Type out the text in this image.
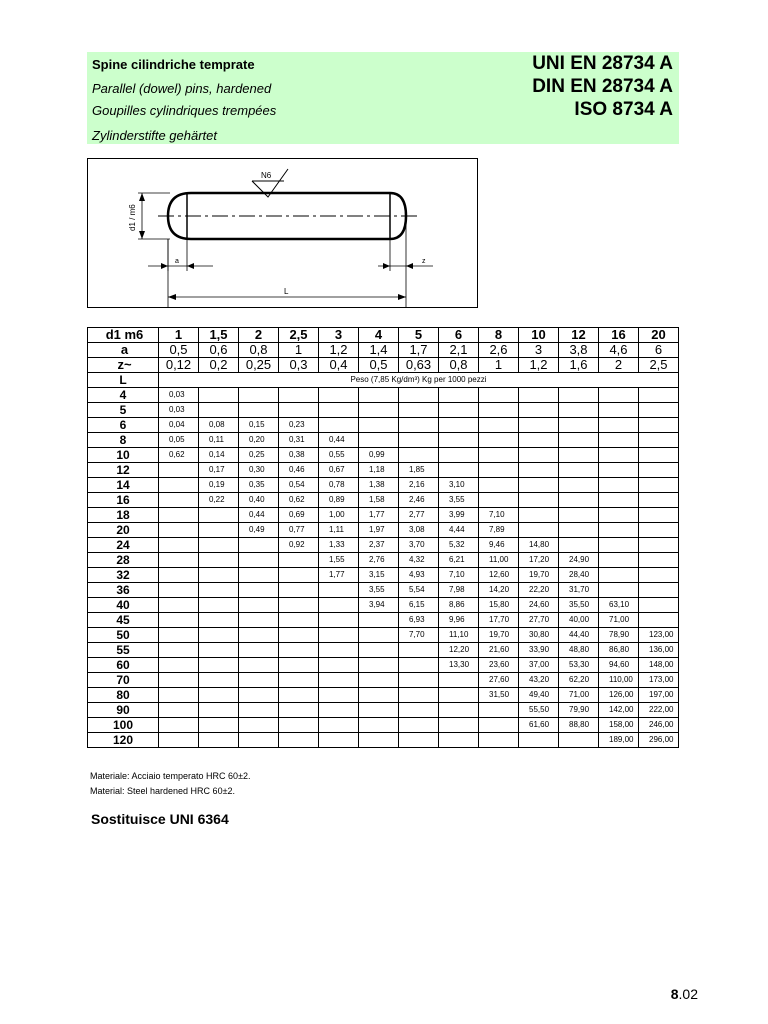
Spine cilindriche temprate
Parallel (dowel) pins, hardened
Goupilles cylindriques trempées
Zylinderstifte gehärtet
UNI EN 28734 A
DIN EN 28734 A
ISO 8734 A
N6
d1 / m6
a	z
L
d1 m6	1	1,5	2	2,5	3	4	5	6	8	10	12	16	20
a	0,5	0,6	0,8	1	1,2	1,4	1,7	2,1	2,6	3	3,8	4,6	6
z~	0,12	0,2	0,25	0,3	0,4	0,5	0,63	0,8	1	1,2	1,6	2	2,5
L	Peso (7,85 Kg/dm³) Kg per 1000 pezzi												
4	0,03												
5	0,03												
6	0,04	0,08	0,15	0,23									
8	0,05	0,11	0,20	0,31	0,44								
10	0,62	0,14	0,25	0,38	0,55	0,99							
12		0,17	0,30	0,46	0,67	1,18	1,85						
14		0,19	0,35	0,54	0,78	1,38	2,16	3,10					
16		0,22	0,40	0,62	0,89	1,58	2,46	3,55					
18			0,44	0,69	1,00	1,77	2,77	3,99	7,10				
20			0,49	0,77	1,11	1,97	3,08	4,44	7,89				
24				0,92	1,33	2,37	3,70	5,32	9,46	14,80			
28					1,55	2,76	4,32	6,21	11,00	17,20	24,90		
32					1,77	3,15	4,93	7,10	12,60	19,70	28,40		
36						3,55	5,54	7,98	14,20	22,20	31,70		
40						3,94	6,15	8,86	15,80	24,60	35,50	63,10	
45							6,93	9,96	17,70	27,70	40,00	71,00	
50							7,70	11,10	19,70	30,80	44,40	78,90	123,00
55								12,20	21,60	33,90	48,80	86,80	136,00
60								13,30	23,60	37,00	53,30	94,60	148,00
70									27,60	43,20	62,20	110,00	173,00
80									31,50	49,40	71,00	126,00	197,00
90										55,50	79,90	142,00	222,00
100										61,60	88,80	158,00	246,00
120												189,00	296,00
Materiale: Acciaio temperato HRC 60±2.
Material: Steel hardened HRC 60±2.
Sostituisce UNI 6364
8.02
